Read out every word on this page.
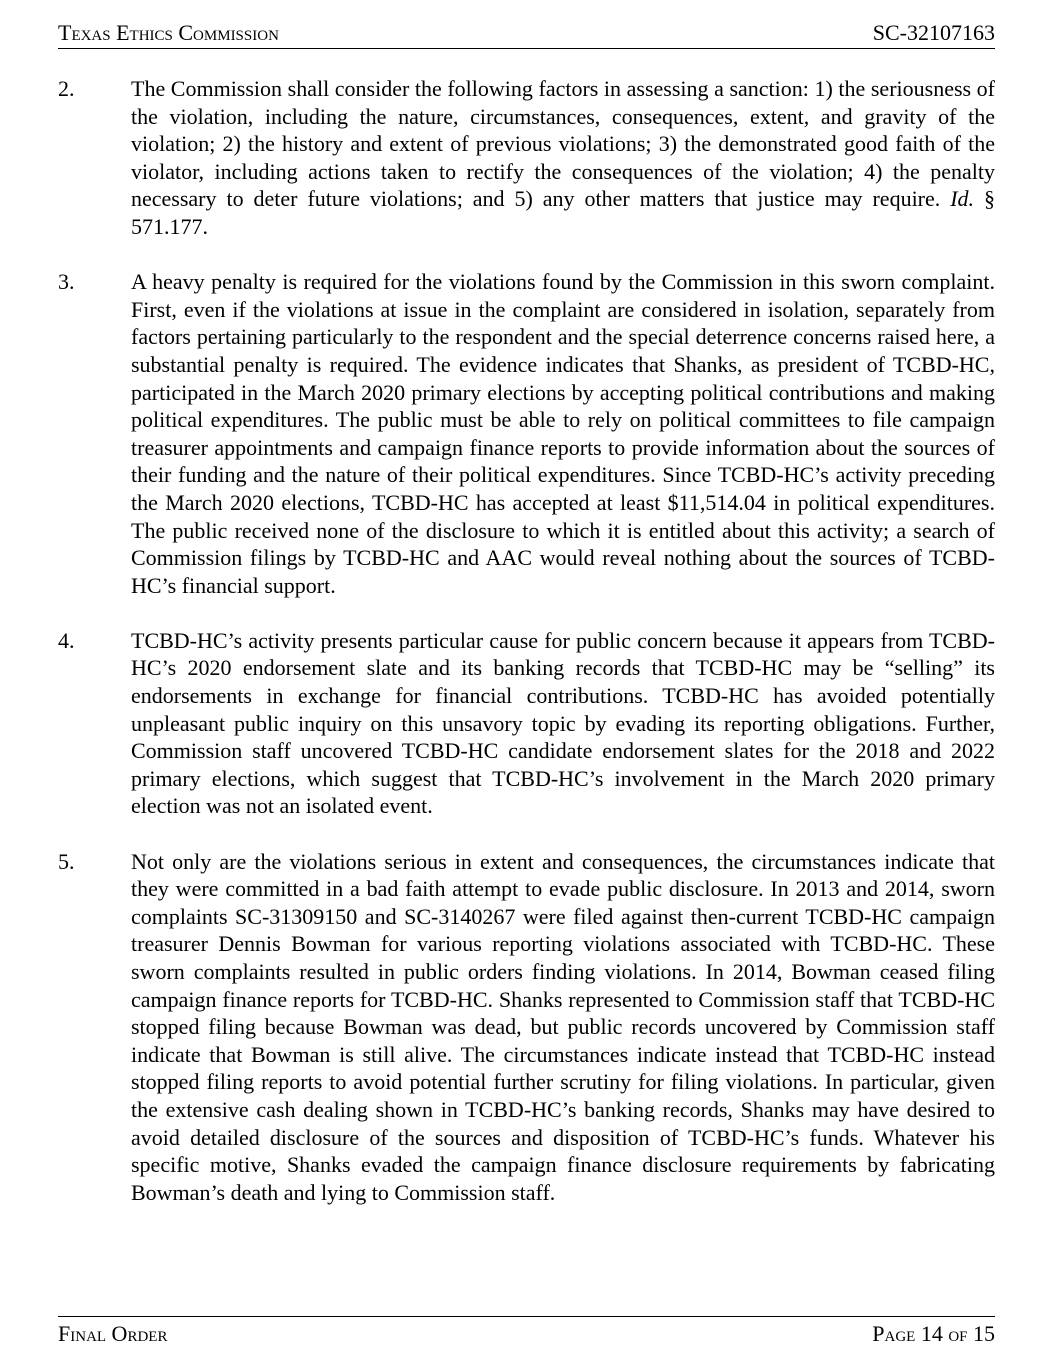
Texas Ethics Commission	SC-32107163
2.	The Commission shall consider the following factors in assessing a sanction: 1) the seriousness of the violation, including the nature, circumstances, consequences, extent, and gravity of the violation; 2) the history and extent of previous violations; 3) the demonstrated good faith of the violator, including actions taken to rectify the consequences of the violation; 4) the penalty necessary to deter future violations; and 5) any other matters that justice may require. Id. § 571.177.
3.	A heavy penalty is required for the violations found by the Commission in this sworn complaint. First, even if the violations at issue in the complaint are considered in isolation, separately from factors pertaining particularly to the respondent and the special deterrence concerns raised here, a substantial penalty is required. The evidence indicates that Shanks, as president of TCBD-HC, participated in the March 2020 primary elections by accepting political contributions and making political expenditures. The public must be able to rely on political committees to file campaign treasurer appointments and campaign finance reports to provide information about the sources of their funding and the nature of their political expenditures. Since TCBD-HC’s activity preceding the March 2020 elections, TCBD-HC has accepted at least $11,514.04 in political expenditures. The public received none of the disclosure to which it is entitled about this activity; a search of Commission filings by TCBD-HC and AAC would reveal nothing about the sources of TCBD-HC’s financial support.
4.	TCBD-HC’s activity presents particular cause for public concern because it appears from TCBD-HC’s 2020 endorsement slate and its banking records that TCBD-HC may be “selling” its endorsements in exchange for financial contributions. TCBD-HC has avoided potentially unpleasant public inquiry on this unsavory topic by evading its reporting obligations. Further, Commission staff uncovered TCBD-HC candidate endorsement slates for the 2018 and 2022 primary elections, which suggest that TCBD-HC’s involvement in the March 2020 primary election was not an isolated event.
5.	Not only are the violations serious in extent and consequences, the circumstances indicate that they were committed in a bad faith attempt to evade public disclosure. In 2013 and 2014, sworn complaints SC-31309150 and SC-3140267 were filed against then-current TCBD-HC campaign treasurer Dennis Bowman for various reporting violations associated with TCBD-HC. These sworn complaints resulted in public orders finding violations. In 2014, Bowman ceased filing campaign finance reports for TCBD-HC. Shanks represented to Commission staff that TCBD-HC stopped filing because Bowman was dead, but public records uncovered by Commission staff indicate that Bowman is still alive. The circumstances indicate instead that TCBD-HC instead stopped filing reports to avoid potential further scrutiny for filing violations. In particular, given the extensive cash dealing shown in TCBD-HC’s banking records, Shanks may have desired to avoid detailed disclosure of the sources and disposition of TCBD-HC’s funds. Whatever his specific motive, Shanks evaded the campaign finance disclosure requirements by fabricating Bowman’s death and lying to Commission staff.
Final Order	Page 14 of 15
